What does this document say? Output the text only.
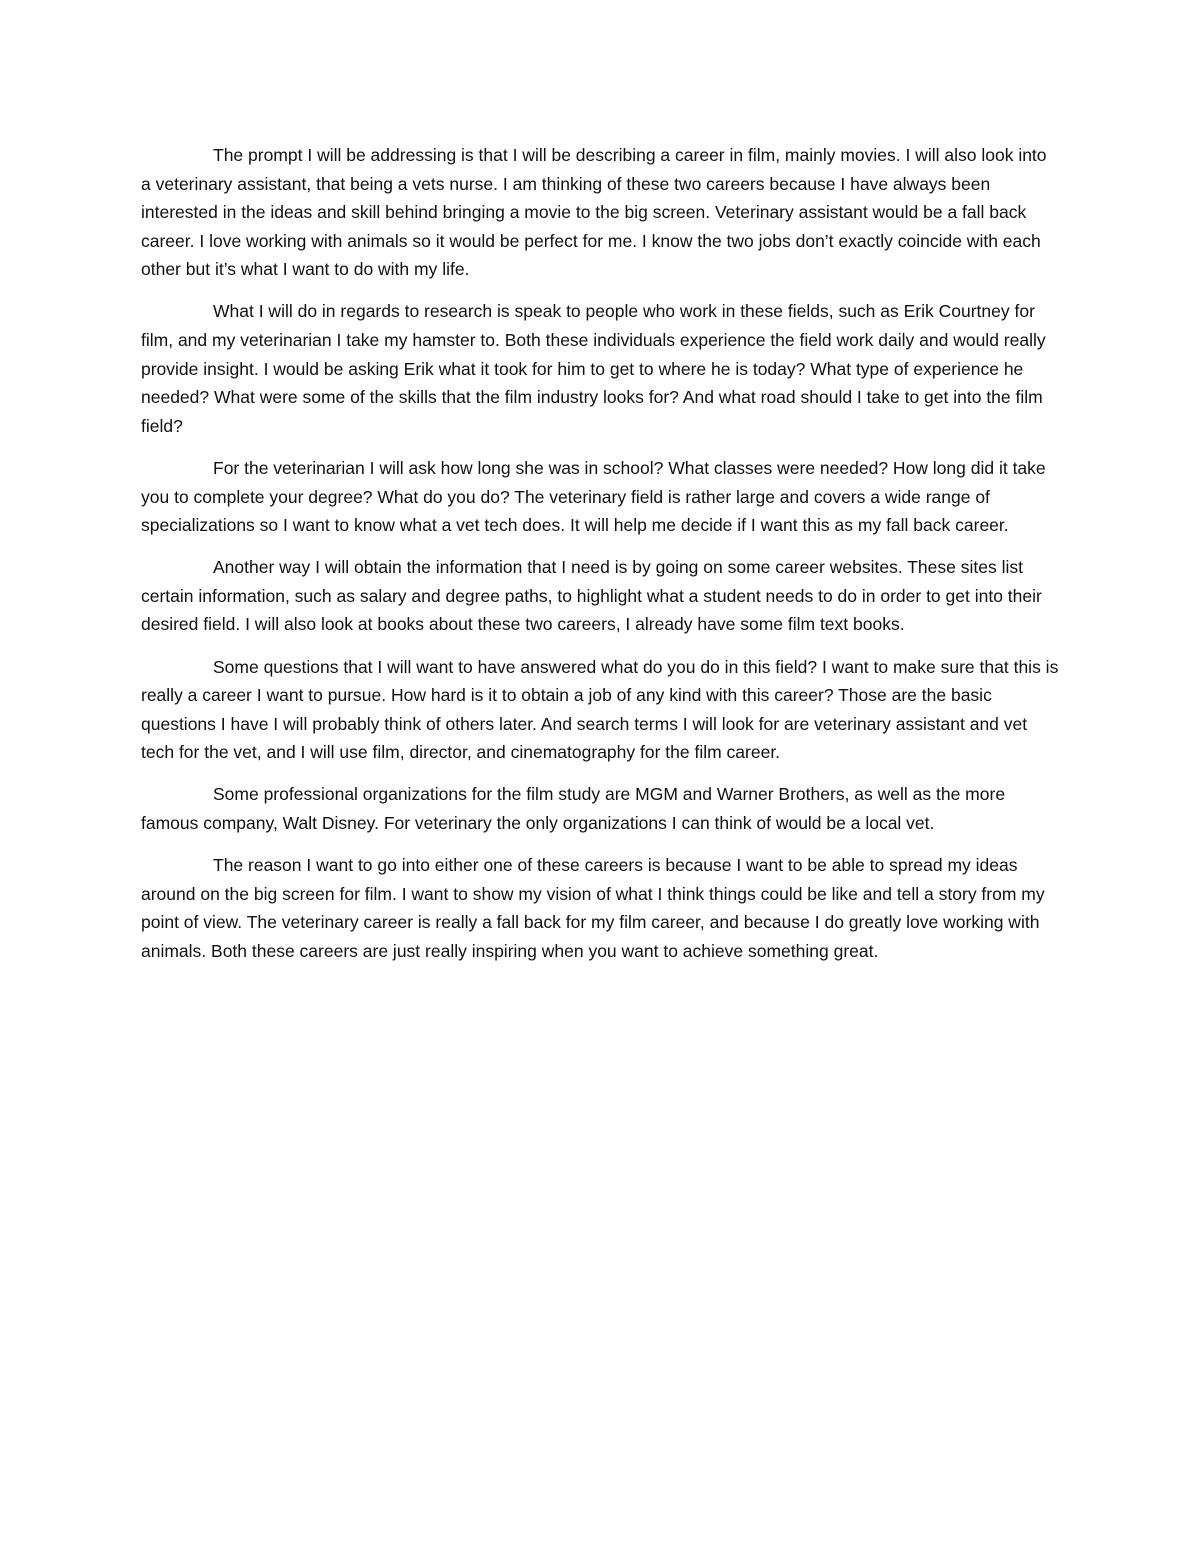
The prompt I will be addressing is that I will be describing a career in film, mainly movies. I will also look into a veterinary assistant, that being a vets nurse. I am thinking of these two careers because I have always been interested in the ideas and skill behind bringing a movie to the big screen. Veterinary assistant would be a fall back career. I love working with animals so it would be perfect for me. I know the two jobs don’t exactly coincide with each other but it’s what I want to do with my life.

What I will do in regards to research is speak to people who work in these fields, such as Erik Courtney for film, and my veterinarian I take my hamster to. Both these individuals experience the field work daily and would really provide insight. I would be asking Erik what it took for him to get to where he is today? What type of experience he needed? What were some of the skills that the film industry looks for? And what road should I take to get into the film field?

For the veterinarian I will ask how long she was in school? What classes were needed? How long did it take you to complete your degree? What do you do? The veterinary field is rather large and covers a wide range of specializations so I want to know what a vet tech does. It will help me decide if I want this as my fall back career.

Another way I will obtain the information that I need is by going on some career websites. These sites list certain information, such as salary and degree paths, to highlight what a student needs to do in order to get into their desired field. I will also look at books about these two careers, I already have some film text books.

Some questions that I will want to have answered what do you do in this field? I want to make sure that this is really a career I want to pursue. How hard is it to obtain a job of any kind with this career? Those are the basic questions I have I will probably think of others later. And search terms I will look for are veterinary assistant and vet tech for the vet, and I will use film, director, and cinematography for the film career.

Some professional organizations for the film study are MGM and Warner Brothers, as well as the more famous company, Walt Disney. For veterinary the only organizations I can think of would be a local vet.

The reason I want to go into either one of these careers is because I want to be able to spread my ideas around on the big screen for film. I want to show my vision of what I think things could be like and tell a story from my point of view. The veterinary career is really a fall back for my film career, and because I do greatly love working with animals. Both these careers are just really inspiring when you want to achieve something great.
